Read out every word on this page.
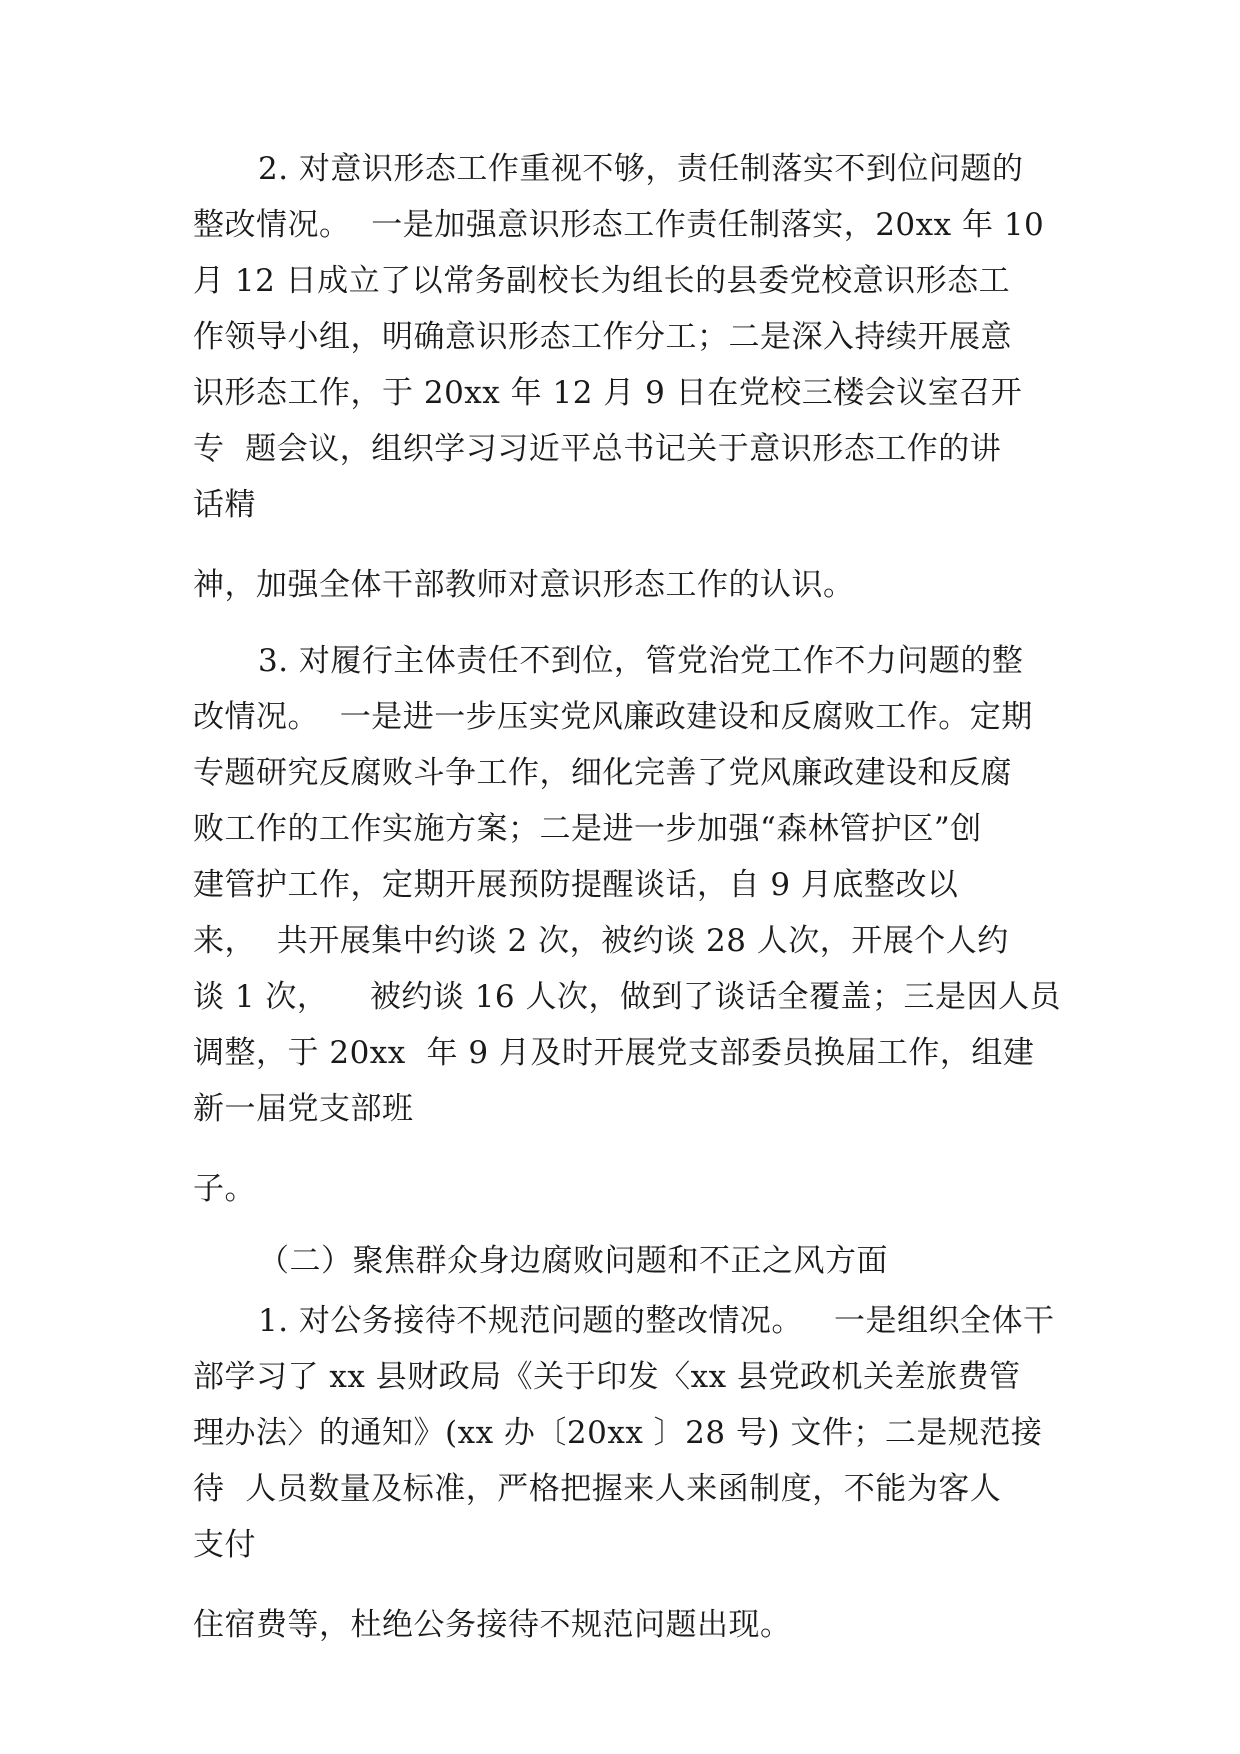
2. 对意识形态工作重视不够，责任制落实不到位问题的
整改情况。  一是加强意识形态工作责任制落实，20xx 年 10
月 12 日成立了以常务副校长为组长的县委党校意识形态工
作领导小组，明确意识形态工作分工；二是深入持续开展意
识形态工作，于 20xx 年 12 月 9 日在党校三楼会议室召开
专  题会议，组织学习习近平总书记关于意识形态工作的讲
话精
神，加强全体干部教师对意识形态工作的认识。
3. 对履行主体责任不到位，管党治党工作不力问题的整
改情况。  一是进一步压实党风廉政建设和反腐败工作。定期
专题研究反腐败斗争工作，细化完善了党风廉政建设和反腐
败工作的工作实施方案；二是进一步加强“森林管护区”创
建管护工作，定期开展预防提醒谈话，自 9 月底整改以
来，  共开展集中约谈 2 次，被约谈 28 人次，开展个人约
谈 1 次，    被约谈 16 人次，做到了谈话全覆盖；三是因人员
调整，于 20xx  年 9 月及时开展党支部委员换届工作，组建
新一届党支部班
子。
（二）聚焦群众身边腐败问题和不正之风方面
1. 对公务接待不规范问题的整改情况。   一是组织全体干
部学习了 xx 县财政局《关于印发〈xx 县党政机关差旅费管
理办法〉的通知》(xx 办〔20xx 〕28 号) 文件；二是规范接
待  人员数量及标准，严格把握来人来函制度，不能为客人
支付
住宿费等，杜绝公务接待不规范问题出现。
